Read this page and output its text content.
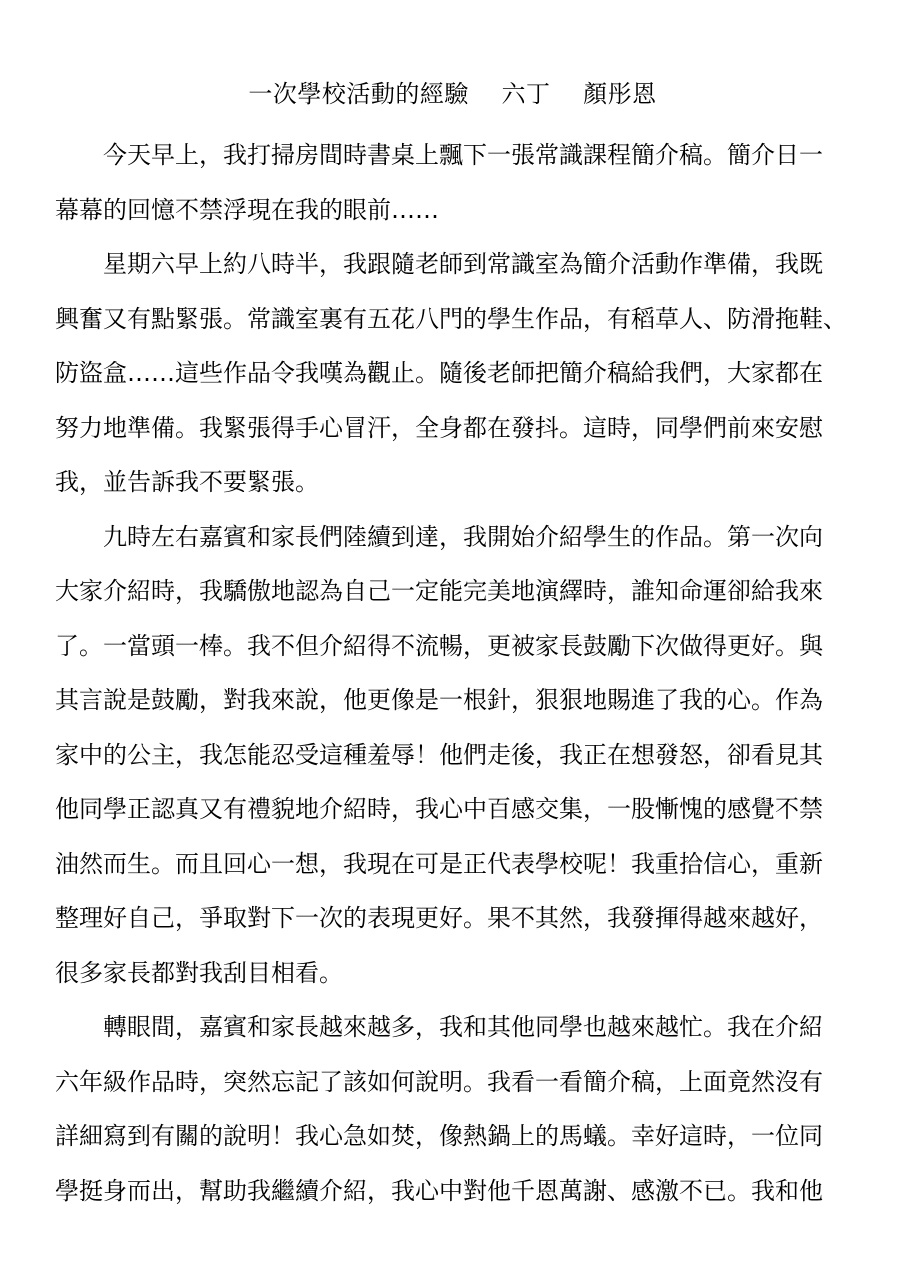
一次學校活動的經驗　 六丁　 顏彤恩
今天早上，我打掃房間時書桌上飄下一張常識課程簡介稿。簡介日一
幕幕的回憶不禁浮現在我的眼前……
星期六早上約八時半，我跟隨老師到常識室為簡介活動作準備，我既
興奮又有點緊張。常識室裏有五花八門的學生作品，有稻草人、防滑拖鞋、
防盜盒……這些作品令我嘆為觀止。隨後老師把簡介稿給我們，大家都在
努力地準備。我緊張得手心冒汗，全身都在發抖。這時，同學們前來安慰
我，並告訴我不要緊張。
九時左右嘉賓和家長們陸續到達，我開始介紹學生的作品。第一次向
大家介紹時，我驕傲地認為自己一定能完美地演繹時，誰知命運卻給我來
了。一當頭一棒。我不但介紹得不流暢，更被家長鼓勵下次做得更好。與
其言說是鼓勵，對我來說，他更像是一根針，狠狠地賜進了我的心。作為
家中的公主，我怎能忍受這種羞辱！他們走後，我正在想發怒，卻看見其
他同學正認真又有禮貌地介紹時，我心中百感交集，一股慚愧的感覺不禁
油然而生。而且回心一想，我現在可是正代表學校呢！我重拾信心，重新
整理好自己，爭取對下一次的表現更好。果不其然，我發揮得越來越好，
很多家長都對我刮目相看。
轉眼間，嘉賓和家長越來越多，我和其他同學也越來越忙。我在介紹
六年級作品時，突然忘記了該如何說明。我看一看簡介稿，上面竟然沒有
詳細寫到有關的說明！我心急如焚，像熱鍋上的馬蟻。幸好這時，一位同
學挺身而出，幫助我繼續介紹，我心中對他千恩萬謝、感激不已。我和他
